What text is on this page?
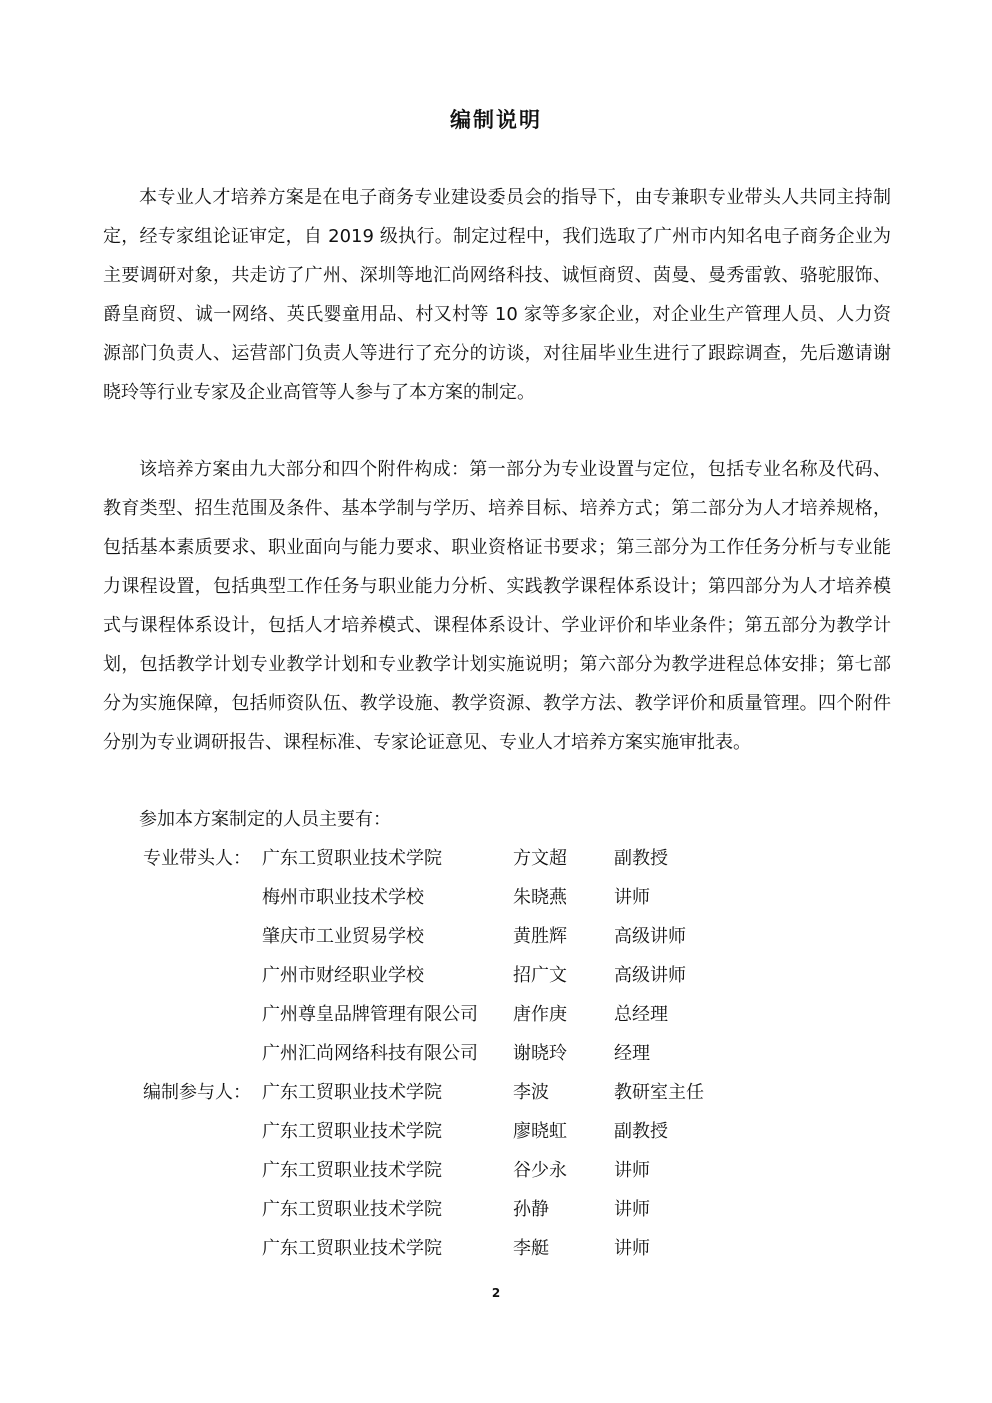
编制说明

本专业人才培养方案是在电子商务专业建设委员会的指导下，由专兼职专业带头人共同主持制定，经专家组论证审定，自 2019 级执行。制定过程中，我们选取了广州市内知名电子商务企业为主要调研对象，共走访了广州、深圳等地汇尚网络科技、诚恒商贸、茵曼、曼秀雷敦、骆驼服饰、爵皇商贸、诚一网络、英氏婴童用品、村又村等 10 家等多家企业，对企业生产管理人员、人力资源部门负责人、运营部门负责人等进行了充分的访谈，对往届毕业生进行了跟踪调查，先后邀请谢晓玲等行业专家及企业高管等人参与了本方案的制定。

该培养方案由九大部分和四个附件构成：第一部分为专业设置与定位，包括专业名称及代码、教育类型、招生范围及条件、基本学制与学历、培养目标、培养方式；第二部分为人才培养规格，包括基本素质要求、职业面向与能力要求、职业资格证书要求；第三部分为工作任务分析与专业能力课程设置，包括典型工作任务与职业能力分析、实践教学课程体系设计；第四部分为人才培养模式与课程体系设计，包括人才培养模式、课程体系设计、学业评价和毕业条件；第五部分为教学计划，包括教学计划专业教学计划和专业教学计划实施说明；第六部分为教学进程总体安排；第七部分为实施保障，包括师资队伍、教学设施、教学资源、教学方法、教学评价和质量管理。四个附件分别为专业调研报告、课程标准、专家论证意见、专业人才培养方案实施审批表。

参加本方案制定的人员主要有：

专业带头人： 广东工贸职业技术学院	方文超	副教授
梅州市职业技术学校	朱晓燕	讲师
肇庆市工业贸易学校	黄胜辉	高级讲师
广州市财经职业学校	招广文	高级讲师
广州尊皇品牌管理有限公司 唐作庚	总经理
广州汇尚网络科技有限公司 谢晓玲	经理
编制参与人： 广东工贸职业技术学院	李波	教研室主任
广东工贸职业技术学院	廖晓虹	副教授
广东工贸职业技术学院	谷少永	讲师
广东工贸职业技术学院	孙静	讲师
广东工贸职业技术学院	李艇	讲师
2
